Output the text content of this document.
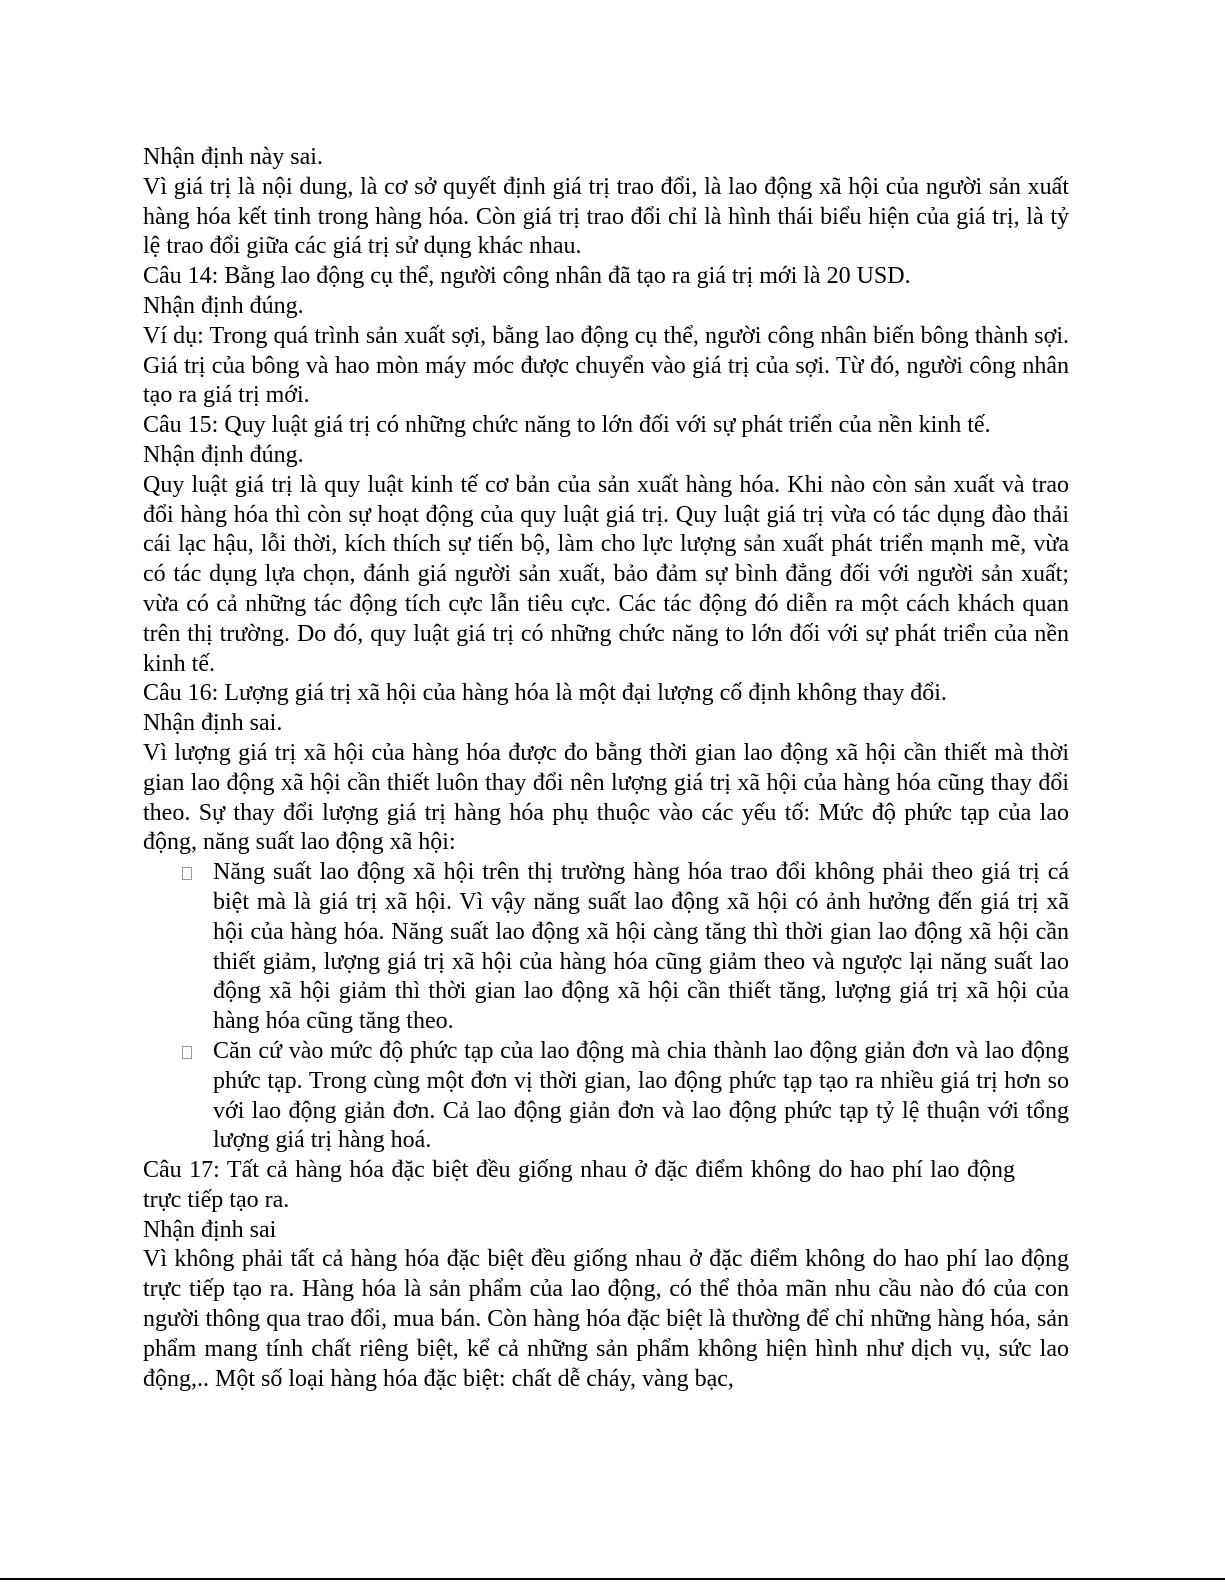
Nhận định này sai.

Vì giá trị là nội dung, là cơ sở quyết định giá trị trao đổi, là lao động xã hội của người sản xuất hàng hóa kết tinh trong hàng hóa. Còn giá trị trao đổi chỉ là hình thái biểu hiện của giá trị, là tỷ lệ trao đổi giữa các giá trị sử dụng khác nhau.

Câu 14: Bằng lao động cụ thể, người công nhân đã tạo ra giá trị mới là 20 USD.

Nhận định đúng.

Ví dụ: Trong quá trình sản xuất sợi, bằng lao động cụ thể, người công nhân biến bông thành sợi. Giá trị của bông và hao mòn máy móc được chuyển vào giá trị của sợi. Từ đó, người công nhân tạo ra giá trị mới.

Câu 15: Quy luật giá trị có những chức năng to lớn đối với sự phát triển của nền kinh tế.

Nhận định đúng.

Quy luật giá trị là quy luật kinh tế cơ bản của sản xuất hàng hóa. Khi nào còn sản xuất và trao đổi hàng hóa thì còn sự hoạt động của quy luật giá trị. Quy luật giá trị vừa có tác dụng đào thải cái lạc hậu, lỗi thời, kích thích sự tiến bộ, làm cho lực lượng sản xuất phát triển mạnh mẽ, vừa có tác dụng lựa chọn, đánh giá người sản xuất, bảo đảm sự bình đẳng đối với người sản xuất; vừa có cả những tác động tích cực lẫn tiêu cực. Các tác động đó diễn ra một cách khách quan trên thị trường. Do đó, quy luật giá trị có những chức năng to lớn đối với sự phát triển của nền kinh tế.

Câu 16: Lượng giá trị xã hội của hàng hóa là một đại lượng cố định không thay đổi.

Nhận định sai.

Vì lượng giá trị xã hội của hàng hóa được đo bằng thời gian lao động xã hội cần thiết mà thời gian lao động xã hội cần thiết luôn thay đổi nên lượng giá trị xã hội của hàng hóa cũng thay đổi theo. Sự thay đổi lượng giá trị hàng hóa phụ thuộc vào các yếu tố: Mức độ phức tạp của lao động, năng suất lao động xã hội:

Năng suất lao động xã hội trên thị trường hàng hóa trao đổi không phải theo giá trị cá biệt mà là giá trị xã hội. Vì vậy năng suất lao động xã hội có ảnh hưởng đến giá trị xã hội của hàng hóa. Năng suất lao động xã hội càng tăng thì thời gian lao động xã hội cần thiết giảm, lượng giá trị xã hội của hàng hóa cũng giảm theo và ngược lại năng suất lao động xã hội giảm thì thời gian lao động xã hội cần thiết tăng, lượng giá trị xã hội của hàng hóa cũng tăng theo.
Căn cứ vào mức độ phức tạp của lao động mà chia thành lao động giản đơn và lao động phức tạp. Trong cùng một đơn vị thời gian, lao động phức tạp tạo ra nhiều giá trị hơn so với lao động giản đơn. Cả lao động giản đơn và lao động phức tạp tỷ lệ thuận với tổng lượng giá trị hàng hoá.

Câu 17: Tất cả hàng hóa đặc biệt đều giống nhau ở đặc điểm không do hao phí lao động trực tiếp tạo ra.

Nhận định sai

Vì không phải tất cả hàng hóa đặc biệt đều giống nhau ở đặc điểm không do hao phí lao động trực tiếp tạo ra. Hàng hóa là sản phẩm của lao động, có thể thỏa mãn nhu cầu nào đó của con người thông qua trao đổi, mua bán. Còn hàng hóa đặc biệt là thường để chỉ những hàng hóa, sản phẩm mang tính chất riêng biệt, kể cả những sản phẩm không hiện hình như dịch vụ, sức lao động,.. Một số loại hàng hóa đặc biệt: chất dễ cháy, vàng bạc,
